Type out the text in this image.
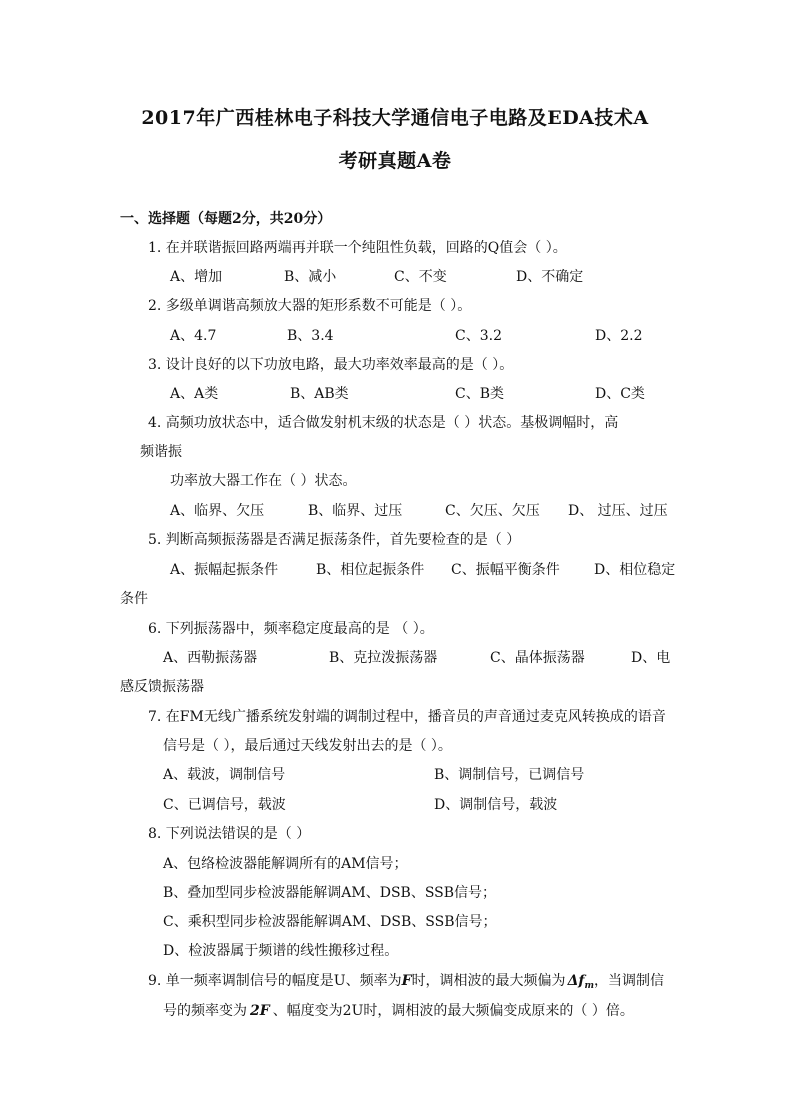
2017年广西桂林电子科技大学通信电子电路及EDA技术A
考研真题A卷
一、选择题（每题2分，共20分）
1. 在并联谐振回路两端再并联一个纯阻性负载，回路的Q值会（ ）。
A、增加	B、减小	C、不变	D、不确定
2. 多级单调谐高频放大器的矩形系数不可能是（ ）。
A、4.7	B、3.4	C、3.2	D、2.2
3. 设计良好的以下功放电路，最大功率效率最高的是（ ）。
A、A类	B、AB类	C、B类	D、C类
4. 高频功放状态中，适合做发射机末级的状态是（ ）状态。基极调幅时，高
频谐振
功率放大器工作在（ ）状态。
A、临界、欠压	B、临界、过压	C、欠压、欠压 D、 过压、过压
5. 判断高频振荡器是否满足振荡条件，首先要检查的是（ ）
A、振幅起振条件	B、相位起振条件 C、振幅平衡条件 D、相位稳定
条件
6. 下列振荡器中，频率稳定度最高的是 （ ）。
A、西勒振荡器	B、克拉泼振荡器	C、晶体振荡器	D、电
感反馈振荡器
7. 在FM无线广播系统发射端的调制过程中，播音员的声音通过麦克风转换成的语音
信号是（ ），最后通过天线发射出去的是（ ）。
A、载波，调制信号	B、调制信号，已调信号
C、已调信号，载波	D、调制信号，载波
8. 下列说法错误的是（ ）
A、包络检波器能解调所有的AM信号；
B、叠加型同步检波器能解调AM、DSB、SSB信号；
C、乘积型同步检波器能解调AM、DSB、SSB信号；
D、检波器属于频谱的线性搬移过程。
9. 单一频率调制信号的幅度是U、频率为F时，调相波的最大频偏为 $\Delta f_m$，当调制信
号的频率变为 2F 、幅度变为2U时，调相波的最大频偏变成原来的（ ）倍。
